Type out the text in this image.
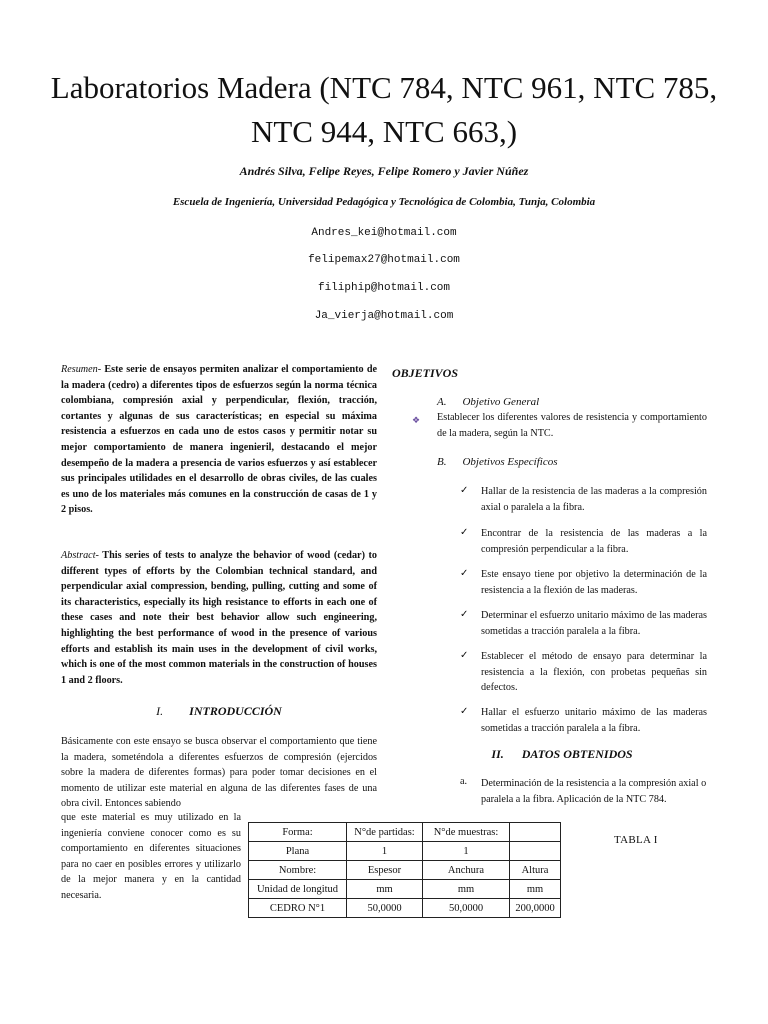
Laboratorios Madera (NTC 784, NTC 961, NTC 785, NTC 944, NTC 663,)
Andrés Silva, Felipe Reyes, Felipe Romero y Javier Núñez
Escuela de Ingeniería, Universidad Pedagógica y Tecnológica de Colombia, Tunja, Colombia
Andres_kei@hotmail.com
felipemax27@hotmail.com
filiphip@hotmail.com
Ja_vierja@hotmail.com
Resumen- Este serie de ensayos permiten analizar el comportamiento de la madera (cedro) a diferentes tipos de esfuerzos según la norma técnica colombiana, compresión axial y perpendicular, flexión, tracción, cortantes y algunas de sus características; en especial su máxima resistencia a esfuerzos en cada uno de estos casos y permitir notar su mejor comportamiento de manera ingenieril, destacando el mejor desempeño de la madera a presencia de varios esfuerzos y así establecer sus principales utilidades en el desarrollo de obras civiles, de las cuales es uno de los materiales más comunes en la construcción de casas de 1 y 2 pisos.
Abstract- This series of tests to analyze the behavior of wood (cedar) to different types of efforts by the Colombian technical standard, and perpendicular axial compression, bending, pulling, cutting and some of its characteristics, especially its high resistance to efforts in each one of these cases and note their best behavior allow such engineering, highlighting the best performance of wood in the presence of various efforts and establish its main uses in the development of civil works, which is one of the most common materials in the construction of houses 1 and 2 floors.
I. INTRODUCCIÓN
Básicamente con este ensayo se busca observar el comportamiento que tiene la madera, someténdola a diferentes esfuerzos de compresión (ejercidos sobre la madera de diferentes formas) para poder tomar decisiones en el momento de utilizar este material en alguna de las diferentes fases de una obra civil. Entonces sabiendo
que este material es muy utilizado en la ingeniería conviene conocer como es su comportamiento en diferentes situaciones para no caer en posibles errores y utilizarlo de la mejor manera y en la cantidad necesaria.
OBJETIVOS
A. Objetivo General
❖ Establecer los diferentes valores de resistencia y comportamiento de la madera, según la NTC.
B. Objetivos Específicos
✓ Hallar de la resistencia de las maderas a la compresión axial o paralela a la fibra.
✓ Encontrar de la resistencia de las maderas a la compresión perpendicular a la fibra.
✓ Este ensayo tiene por objetivo la determinación de la resistencia a la flexión de las maderas.
✓ Determinar el esfuerzo unitario máximo de las maderas sometidas a tracción paralela a la fibra.
✓ Establecer el método de ensayo para determinar la resistencia a la flexión, con probetas pequeñas sin defectos.
✓ Hallar el esfuerzo unitario máximo de las maderas sometidas a tracción paralela a la fibra.
II. DATOS OBTENIDOS
a. Determinación de la resistencia a la compresión axial o paralela a la fibra. Aplicación de la NTC 784.
TABLA I
Forma:	N°de partidas:	N°de muestras:	
Plana	1	1	
Nombre:	Espesor	Anchura	Altura
Unidad de longitud	mm	mm	mm
CEDRO N°1	50,0000	50,0000	200,0000
